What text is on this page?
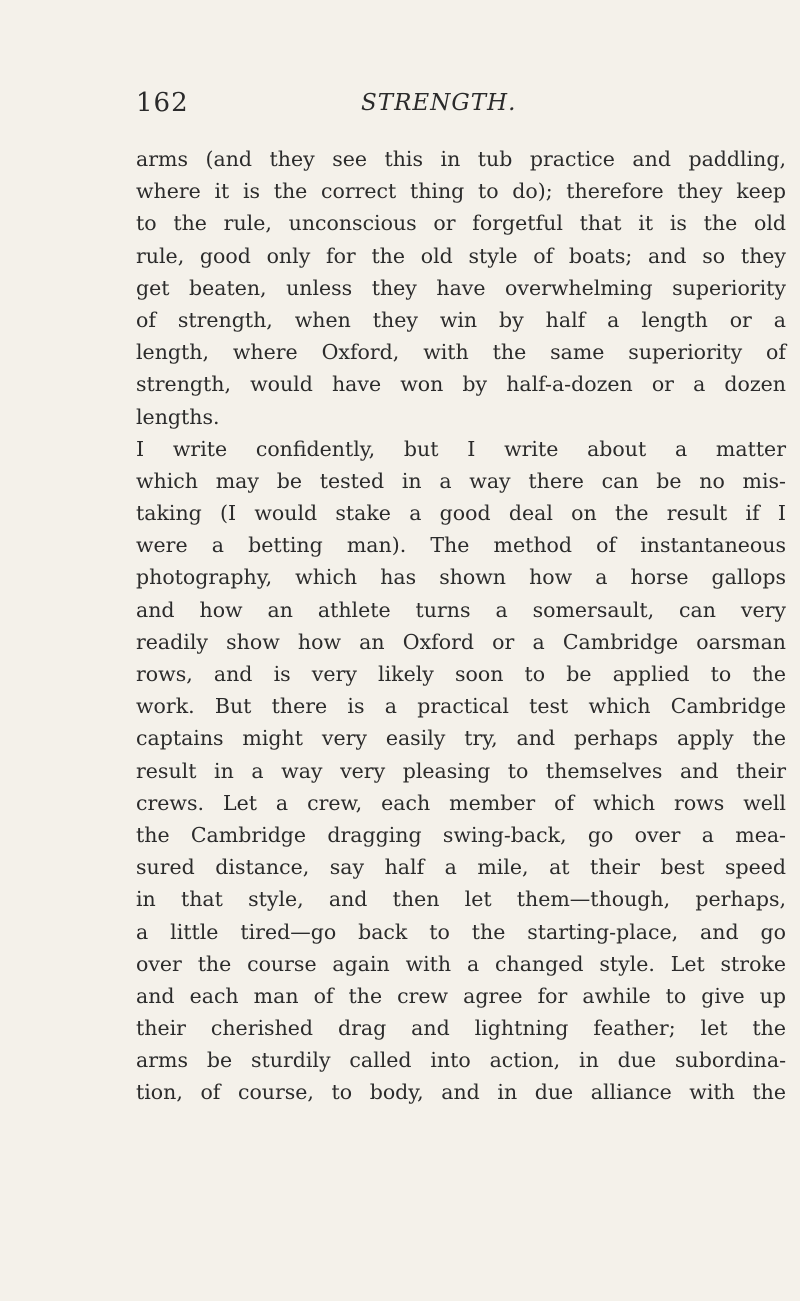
162	STRENGTH.
arms (and they see this in tub practice and paddling,
where it is the correct thing to do); therefore they keep
to the rule, unconscious or forgetful that it is the old
rule, good only for the old style of boats; and so they
get beaten, unless they have overwhelming superiority
of strength, when they win by half a length or a
length, where Oxford, with the same superiority of
strength, would have won by half-a-dozen or a dozen
lengths.
I write confidently, but I write about a matter
which may be tested in a way there can be no mis-
taking (I would stake a good deal on the result if I
were a betting man). The method of instantaneous
photography, which has shown how a horse gallops
and how an athlete turns a somersault, can very
readily show how an Oxford or a Cambridge oarsman
rows, and is very likely soon to be applied to the
work. But there is a practical test which Cambridge
captains might very easily try, and perhaps apply the
result in a way very pleasing to themselves and their
crews. Let a crew, each member of which rows well
the Cambridge dragging swing-back, go over a mea-
sured distance, say half a mile, at their best speed
in that style, and then let them—though, perhaps,
a little tired—go back to the starting-place, and go
over the course again with a changed style. Let stroke
and each man of the crew agree for awhile to give up
their cherished drag and lightning feather; let the
arms be sturdily called into action, in due subordina-
tion, of course, to body, and in due alliance with the
